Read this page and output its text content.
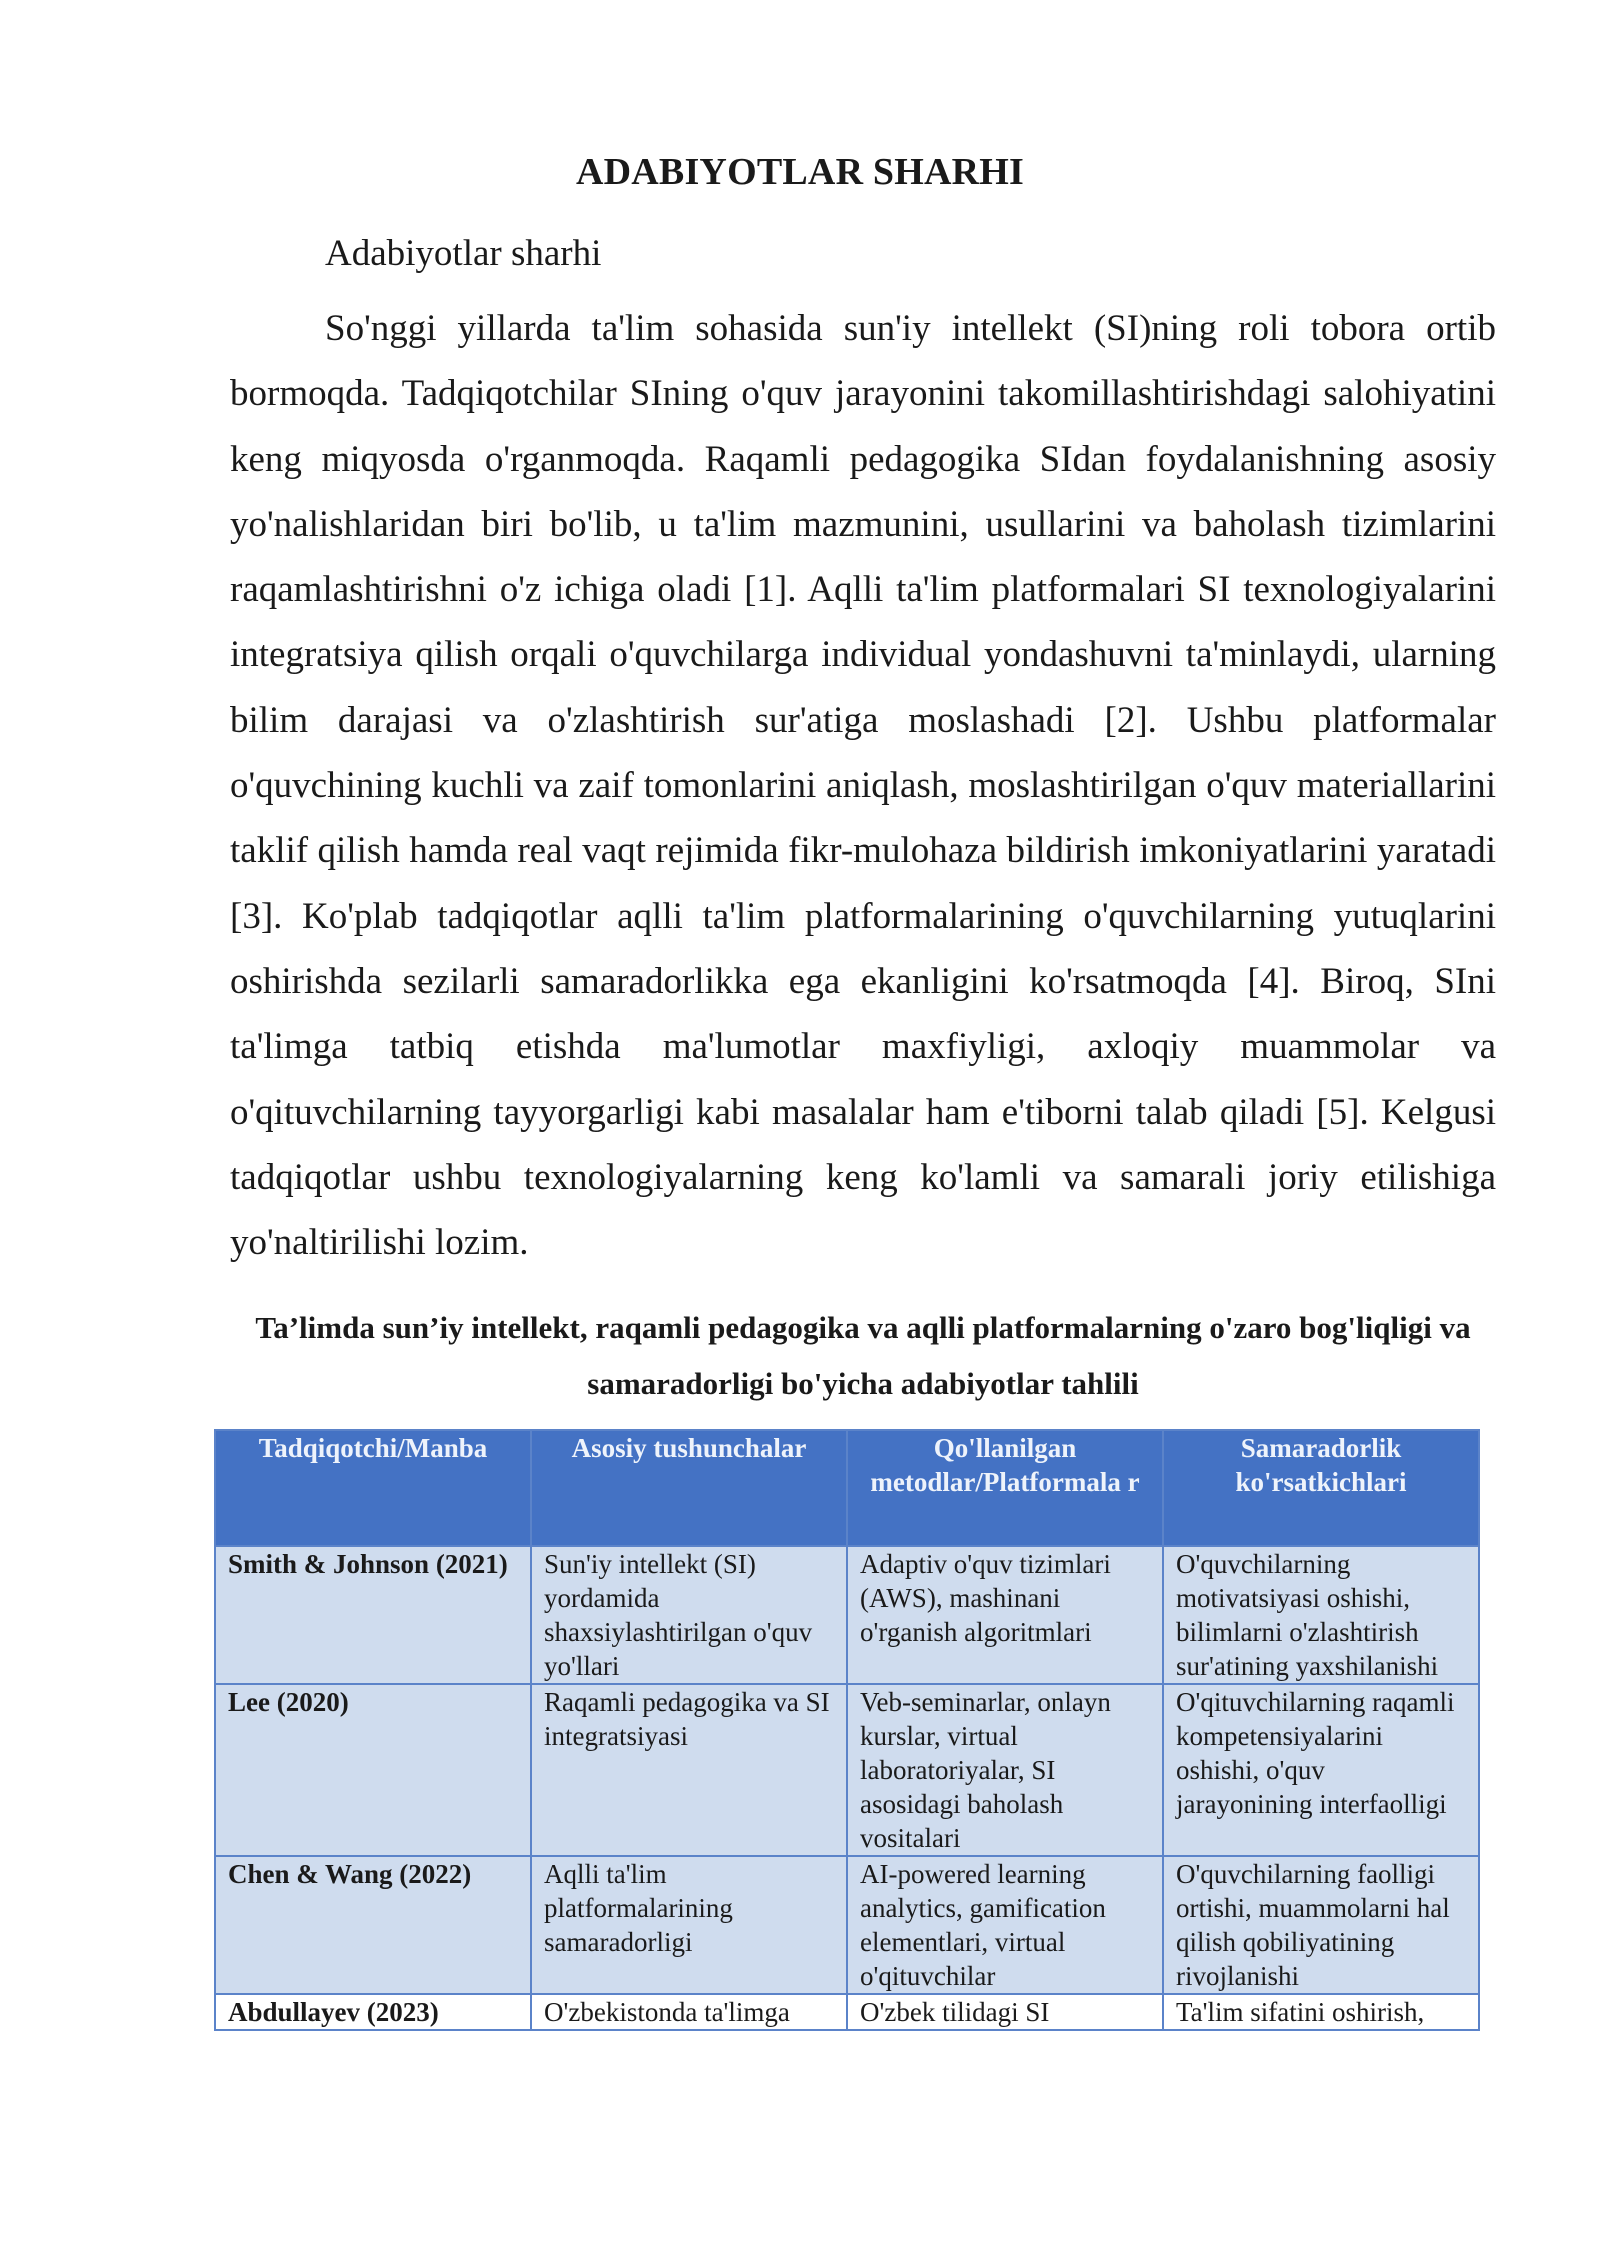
ADABIYOTLAR SHARHI

Adabiyotlar sharhi

So'nggi yillarda ta'lim sohasida sun'iy intellekt (SI)ning roli tobora ortib bormoqda. Tadqiqotchilar SIning o'quv jarayonini takomillashtirishdagi salohiyatini keng miqyosda o'rganmoqda. Raqamli pedagogika SIdan foydalanishning asosiy yo'nalishlaridan biri bo'lib, u ta'lim mazmunini, usullarini va baholash tizimlarini raqamlashtirishni o'z ichiga oladi [1]. Aqlli ta'lim platformalari SI texnologiyalarini integratsiya qilish orqali o'quvchilarga individual yondashuvni ta'minlaydi, ularning bilim darajasi va o'zlashtirish sur'atiga moslashadi [2]. Ushbu platformalar o'quvchining kuchli va zaif tomonlarini aniqlash, moslashtirilgan o'quv materiallarini taklif qilish hamda real vaqt rejimida fikr-mulohaza bildirish imkoniyatlarini yaratadi [3]. Ko'plab tadqiqotlar aqlli ta'lim platformalarining o'quvchilarning yutuqlarini oshirishda sezilarli samaradorlikka ega ekanligini ko'rsatmoqda [4]. Biroq, SIni ta'limga tatbiq etishda ma'lumotlar maxfiyligi, axloqiy muammolar va o'qituvchilarning tayyorgarligi kabi masalalar ham e'tiborni talab qiladi [5]. Kelgusi tadqiqotlar ushbu texnologiyalarning keng ko'lamli va samarali joriy etilishiga yo'naltirilishi lozim.

Ta’limda sun’iy intellekt, raqamli pedagogika va aqlli platformalarning o'zaro bog'liqligi va samaradorligi bo'yicha adabiyotlar tahlili

Tadqiqotchi/Manba	Asosiy tushunchalar	Qo'llanilgan metodlar/Platformala r	Samaradorlik ko'rsatkichlari
Smith & Johnson (2021)	Sun'iy intellekt (SI) yordamida shaxsiylashtirilgan o'quv yo'llari	Adaptiv o'quv tizimlari (AWS), mashinani o'rganish algoritmlari	O'quvchilarning motivatsiyasi oshishi, bilimlarni o'zlashtirish sur'atining yaxshilanishi
Lee (2020)	Raqamli pedagogika va SI integratsiyasi	Veb-seminarlar, onlayn kurslar, virtual laboratoriyalar, SI asosidagi baholash vositalari	O'qituvchilarning raqamli kompetensiyalarini oshishi, o'quv jarayonining interfaolligi
Chen & Wang (2022)	Aqlli ta'lim platformalarining samaradorligi	AI-powered learning analytics, gamification elementlari, virtual o'qituvchilar	O'quvchilarning faolligi ortishi, muammolarni hal qilish qobiliyatining rivojlanishi
Abdullayev (2023)	O'zbekistonda ta'limga	O'zbek tilidagi SI	Ta'lim sifatini oshirish,
